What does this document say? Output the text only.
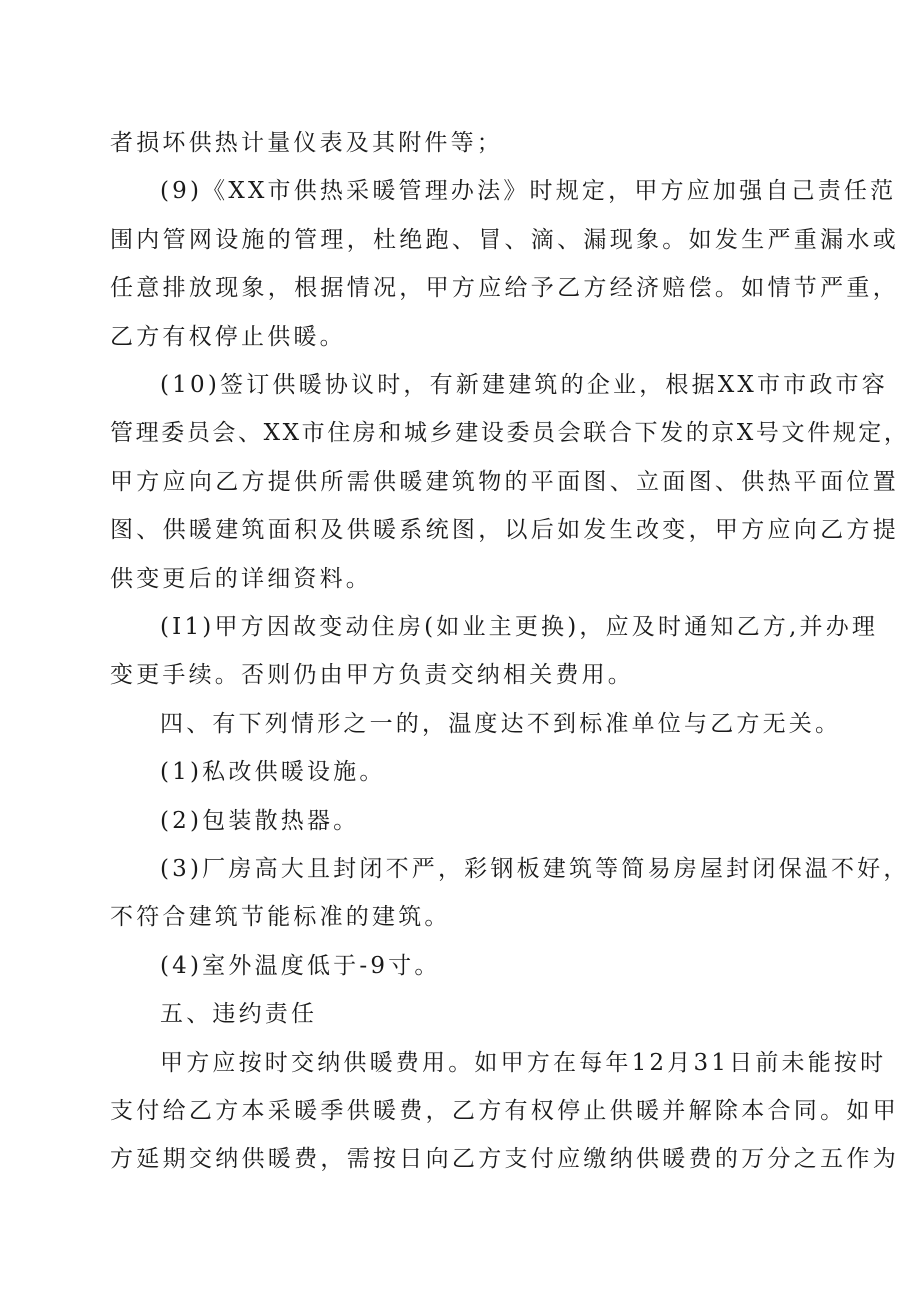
者损坏供热计量仪表及其附件等；
(9)《XX市供热采暖管理办法》时规定，甲方应加强自己责任范
围内管网设施的管理，杜绝跑、冒、滴、漏现象。如发生严重漏水或
任意排放现象，根据情况，甲方应给予乙方经济赔偿。如情节严重，
乙方有权停止供暖。
(10)签订供暖协议时，有新建建筑的企业，根据XX市市政市容
管理委员会、XX市住房和城乡建设委员会联合下发的京X号文件规定，
甲方应向乙方提供所需供暖建筑物的平面图、立面图、供热平面位置
图、供暖建筑面积及供暖系统图，以后如发生改变，甲方应向乙方提
供变更后的详细资料。
(I1)甲方因故变动住房(如业主更换)，应及时通知乙方,并办理
变更手续。否则仍由甲方负责交纳相关费用。
四、有下列情形之一的，温度达不到标准单位与乙方无关。
(1)私改供暖设施。
(2)包装散热器。
(3)厂房高大且封闭不严，彩钢板建筑等简易房屋封闭保温不好，
不符合建筑节能标准的建筑。
(4)室外温度低于-9寸。
五、违约责任
甲方应按时交纳供暖费用。如甲方在每年12月31日前未能按时
支付给乙方本采暖季供暖费，乙方有权停止供暖并解除本合同。如甲
方延期交纳供暖费，需按日向乙方支付应缴纳供暖费的万分之五作为
